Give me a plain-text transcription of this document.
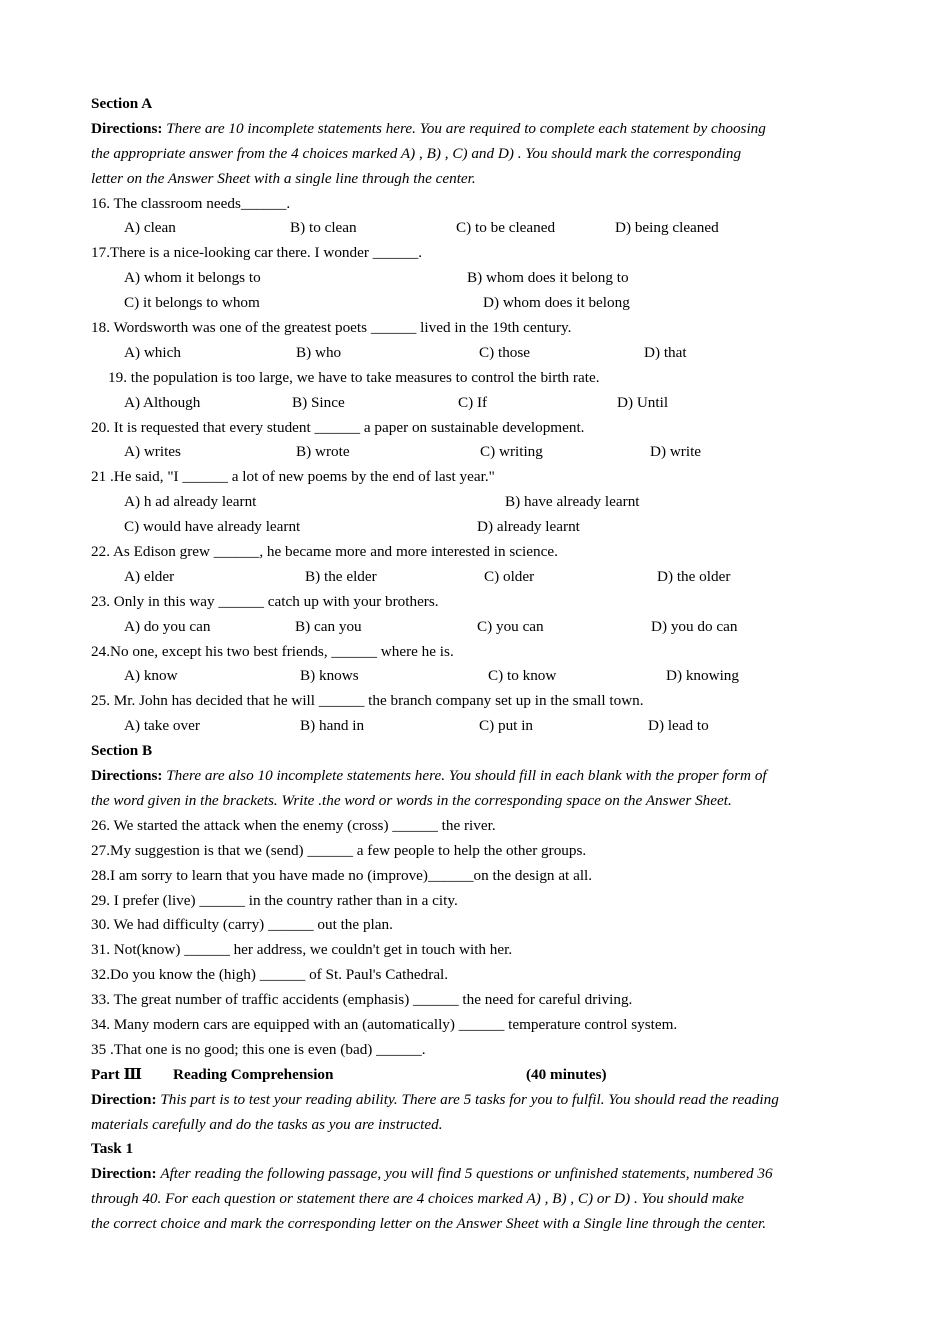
Section A
Directions: There are 10 incomplete statements here. You are required to complete each statement by choosing
the appropriate answer from the 4 choices marked A) , B) , C) and D) . You should mark the corresponding
letter on the Answer Sheet with a single line through the center.
16. The classroom needs______.
A) clean	B) to clean	C) to be cleaned	D) being cleaned
17.There is a nice-looking car there. I wonder ______.
A) whom it belongs to	B) whom does it belong to
C) it belongs to whom	D) whom does it belong
18. Wordsworth was one of the greatest poets ______ lived in the 19th century.
A) which	B) who	C) those	D) that
19. the population is too large, we have to take measures to control the birth rate.
A) Although	B) Since	C) If	D) Until
20. It is requested that every student ______ a paper on sustainable development.
A) writes	B) wrote	C) writing	D) write
21 .He said, "I ______ a lot of new poems by the end of last year."
A) h ad already learnt	B) have already learnt
C) would have already learnt	D) already learnt
22. As Edison grew ______, he became more and more interested in science.
A) elder	B) the elder	C) older	D) the older
23. Only in this way ______ catch up with your brothers.
A) do you can	B) can you	C) you can	D) you do can
24.No one, except his two best friends, ______ where he is.
A) know	B) knows	C) to know	D) knowing
25. Mr. John has decided that he will ______ the branch company set up in the small town.
A) take over	B) hand in	C) put in	D) lead to
Section B
Directions: There are also 10 incomplete statements here. You should fill in each blank with the proper form of
the word given in the brackets. Write .the word or words in the corresponding space on the Answer Sheet.
26. We started the attack when the enemy (cross) ______ the river.
27.My suggestion is that we (send) ______ a few people to help the other groups.
28.I am sorry to learn that you have made no (improve)______on the design at all.
29. I prefer (live) ______ in the country rather than in a city.
30. We had difficulty (carry) ______ out the plan.
31. Not(know) ______ her address, we couldn't get in touch with her.
32.Do you know the (high) ______ of St. Paul's Cathedral.
33. The great number of traffic accidents (emphasis) ______ the need for careful driving.
34. Many modern cars are equipped with an (automatically) ______ temperature control system.
35 .That one is no good; this one is even (bad) ______.
Part Ⅲ Reading Comprehension	(40 minutes)
Direction: This part is to test your reading ability. There are 5 tasks for you to fulfil. You should read the reading
materials carefully and do the tasks as you are instructed.
Task 1
Direction: After reading the following passage, you will find 5 questions or unfinished statements, numbered 36
through 40. For each question or statement there are 4 choices marked A) , B) , C) or D) . You should make
the correct choice and mark the corresponding letter on the Answer Sheet with a Single line through the center.
